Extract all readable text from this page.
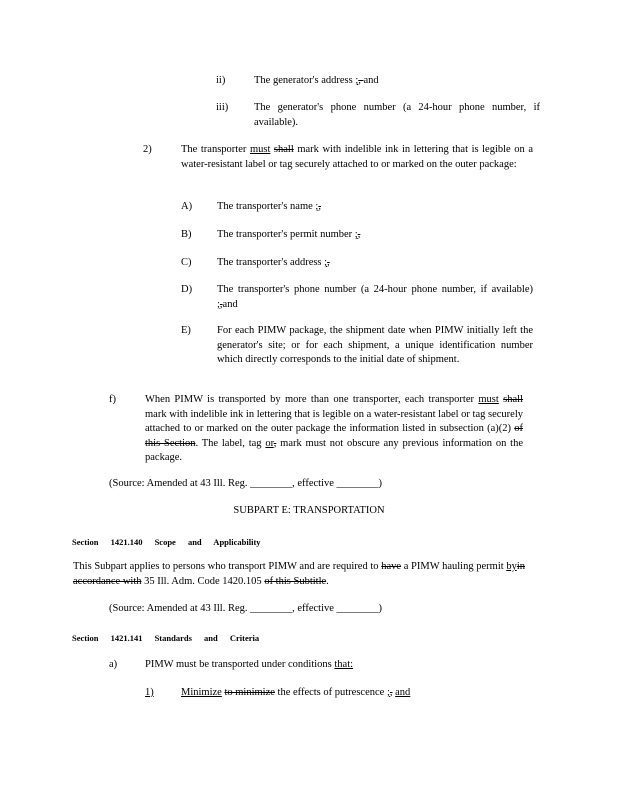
ii)	The generator's address ;, and
iii) The generator's phone number (a 24-hour phone number, if available).
2)	The transporter must shall mark with indelible ink in lettering that is legible on a water-resistant label or tag securely attached to or marked on the outer package:
A) The transporter's name ;,
B) The transporter's permit number ;,
C) The transporter's address ;,
D) The transporter's phone number (a 24-hour phone number, if available) ;,and
E) For each PIMW package, the shipment date when PIMW initially left the generator's site; or for each shipment, a unique identification number which directly corresponds to the initial date of shipment.
f)	When PIMW is transported by more than one transporter, each transporter must shall mark with indelible ink in lettering that is legible on a water-resistant label or tag securely attached to or marked on the outer package the information listed in subsection (a)(2) of this Section. The label, tag or, mark must not obscure any previous information on the package.
(Source: Amended at 43 Ill. Reg. ________, effective ________)
SUBPART E: TRANSPORTATION
Section 1421.140 Scope and Applicability
This Subpart applies to persons who transport PIMW and are required to have a PIMW hauling permit byin accordance with 35 Ill. Adm. Code 1420.105 of this Subtitle.
(Source: Amended at 43 Ill. Reg. ________, effective ________)
Section 1421.141 Standards and Criteria
a)	PIMW must be transported under conditions that:
1)	Minimize to minimize the effects of putrescence ;, and
